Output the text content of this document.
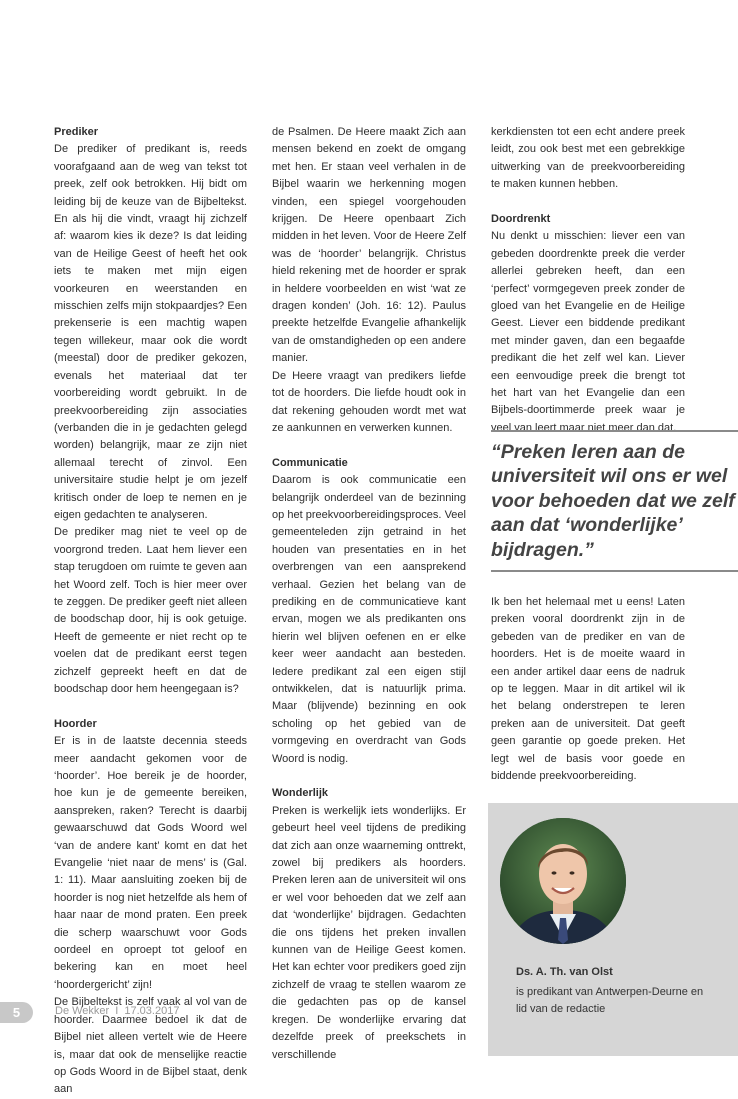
Prediker

De prediker of predikant is, reeds voorafgaand aan de weg van tekst tot preek, zelf ook betrokken. Hij bidt om leiding bij de keuze van de Bijbeltekst. En als hij die vindt, vraagt hij zichzelf af: waarom kies ik deze? Is dat leiding van de Heilige Geest of heeft het ook iets te maken met mijn eigen voorkeuren en weerstanden en misschien zelfs mijn stokpaardjes? Een prekenserie is een machtig wapen tegen willekeur, maar ook die wordt (meestal) door de prediker gekozen, evenals het materiaal dat ter voorbereiding wordt gebruikt. In de preekvoorbereiding zijn associaties (verbanden die in je gedachten gelegd worden) belangrijk, maar ze zijn niet allemaal terecht of zinvol. Een universitaire studie helpt je om jezelf kritisch onder de loep te nemen en je eigen gedachten te analyseren.

De prediker mag niet te veel op de voorgrond treden. Laat hem liever een stap terugdoen om ruimte te geven aan het Woord zelf. Toch is hier meer over te zeggen. De prediker geeft niet alleen de boodschap door, hij is ook getuige. Heeft de gemeente er niet recht op te voelen dat de predikant eerst tegen zichzelf gepreekt heeft en dat de boodschap door hem heengegaan is?

Hoorder

Er is in de laatste decennia steeds meer aandacht gekomen voor de ‘hoorder’. Hoe bereik je de hoorder, hoe kun je de gemeente bereiken, aanspreken, raken? Terecht is daarbij gewaarschuwd dat Gods Woord wel ‘van de andere kant’ komt en dat het Evangelie ‘niet naar de mens’ is (Gal. 1: 11). Maar aansluiting zoeken bij de hoorder is nog niet hetzelfde als hem of haar naar de mond praten. Een preek die scherp waarschuwt voor Gods oordeel en oproept tot geloof en bekering kan en moet heel ‘hoordergericht’ zijn!

De Bijbeltekst is zelf vaak al vol van de hoorder. Daarmee bedoel ik dat de Bijbel niet alleen vertelt wie de Heere is, maar dat ook de menselijke reactie op Gods Woord in de Bijbel staat, denk aan

de Psalmen. De Heere maakt Zich aan mensen bekend en zoekt de omgang met hen. Er staan veel verhalen in de Bijbel waarin we herkenning mogen vinden, een spiegel voorgehouden krijgen. De Heere openbaart Zich midden in het leven. Voor de Heere Zelf was de ‘hoorder’ belangrijk. Christus hield rekening met de hoorder er sprak in heldere voorbeelden en wist ‘wat ze dragen konden’ (Joh. 16: 12). Paulus preekte hetzelfde Evangelie afhankelijk van de omstandigheden op een andere manier.

De Heere vraagt van predikers liefde tot de hoorders. Die liefde houdt ook in dat rekening gehouden wordt met wat ze aankunnen en verwerken kunnen.

Communicatie

Daarom is ook communicatie een belangrijk onderdeel van de bezinning op het preekvoorbereidingsproces. Veel gemeenteleden zijn getraind in het houden van presentaties en in het overbrengen van een aansprekend verhaal. Gezien het belang van de prediking en de communicatieve kant ervan, mogen we als predikanten ons hierin wel blijven oefenen en er elke keer weer aandacht aan besteden. Iedere predikant zal een eigen stijl ontwikkelen, dat is natuurlijk prima. Maar (blijvende) bezinning en ook scholing op het gebied van de vormgeving en overdracht van Gods Woord is nodig.

Wonderlijk

Preken is werkelijk iets wonderlijks. Er gebeurt heel veel tijdens de prediking dat zich aan onze waarneming onttrekt, zowel bij predikers als hoorders. Preken leren aan de universiteit wil ons er wel voor behoeden dat we zelf aan dat ‘wonderlijke’ bijdragen. Gedachten die ons tijdens het preken invallen kunnen van de Heilige Geest komen. Het kan echter voor predikers goed zijn zichzelf de vraag te stellen waarom ze die gedachten pas op de kansel kregen. De wonderlijke ervaring dat dezelfde preek of preekschets in verschillende

kerkdiensten tot een echt andere preek leidt, zou ook best met een gebrekkige uitwerking van de preekvoorbereiding te maken kunnen hebben.

Doordrenkt

Nu denkt u misschien: liever een van gebeden doordrenkte preek die verder allerlei gebreken heeft, dan een ‘perfect’ vormgegeven preek zonder de gloed van het Evangelie en de Heilige Geest. Liever een biddende predikant met minder gaven, dan een begaafde predikant die het zelf wel kan. Liever een eenvoudige preek die brengt tot het hart van het Evangelie dan een Bijbels-doortimmerde preek waar je veel van leert maar niet meer dan dat.

“Preken leren aan de universiteit wil ons er wel voor behoeden dat we zelf aan dat ‘wonderlijke’ bijdragen.”

Ik ben het helemaal met u eens! Laten preken vooral doordrenkt zijn in de gebeden van de prediker en van de hoorders. Het is de moeite waard in een ander artikel daar eens de nadruk op te leggen. Maar in dit artikel wil ik het belang onderstrepen te leren preken aan de universiteit. Dat geeft geen garantie op goede preken. Het legt wel de basis voor goede en biddende preekvoorbereiding.

Ds. A. Th. van Olst
is predikant van Antwerpen-Deurne en lid van de redactie
5	De Wekker I 17.03.2017
